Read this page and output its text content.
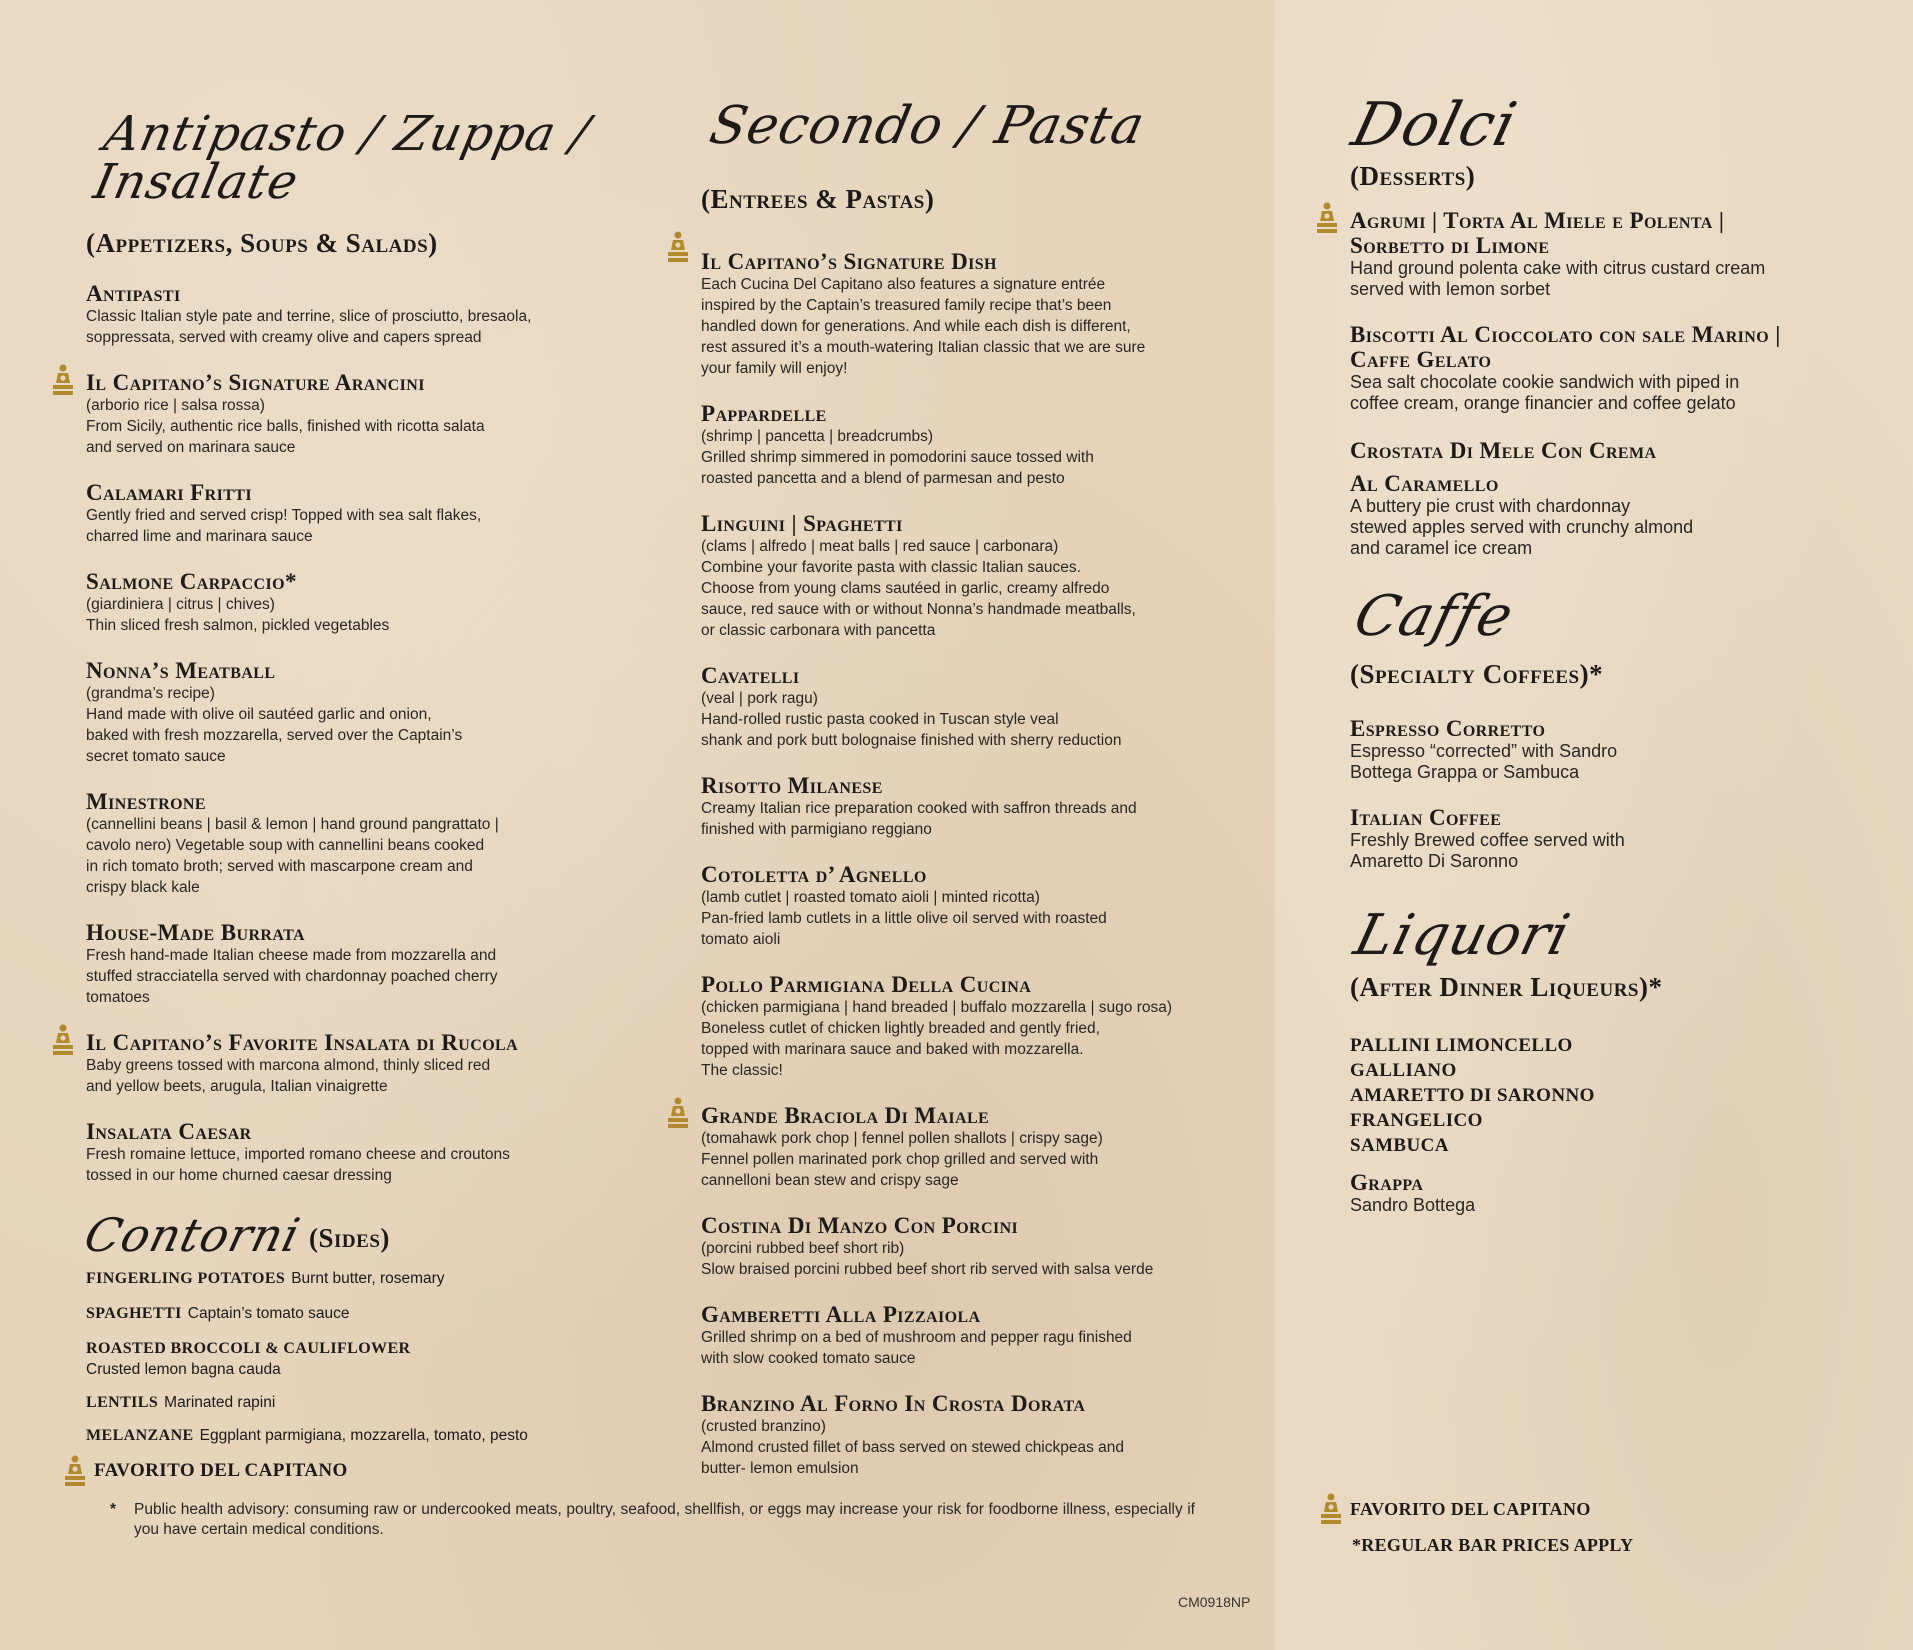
Antipasto / Zuppa / Insalate
(Appetizers, Soups & Salads)
Antipasti
Classic Italian style pate and terrine, slice of prosciutto, bresaola,
soppressata, served with creamy olive and capers spread
Il Capitano’s Signature Arancini
(arborio rice | salsa rossa)
From Sicily, authentic rice balls, finished with ricotta salata
and served on marinara sauce
Calamari Fritti
Gently fried and served crisp! Topped with sea salt flakes,
charred lime and marinara sauce
Salmone Carpaccio*
(giardiniera | citrus | chives)
Thin sliced fresh salmon, pickled vegetables
Nonna’s Meatball
(grandma’s recipe)
Hand made with olive oil sautéed garlic and onion,
baked with fresh mozzarella, served over the Captain’s
secret tomato sauce
Minestrone
(cannellini beans | basil & lemon | hand ground pangrattato |
cavolo nero) Vegetable soup with cannellini beans cooked
in rich tomato broth; served with mascarpone cream and
crispy black kale
House-Made Burrata
Fresh hand-made Italian cheese made from mozzarella and
stuffed stracciatella served with chardonnay poached cherry
tomatoes
Il Capitano’s Favorite Insalata di Rucola
Baby greens tossed with marcona almond, thinly sliced red
and yellow beets, arugula, Italian vinaigrette
Insalata Caesar
Fresh romaine lettuce, imported romano cheese and croutons
tossed in our home churned caesar dressing
Contorni (Sides)
FINGERLING POTATOES Burnt butter, rosemary
SPAGHETTI Captain’s tomato sauce
ROASTED BROCCOLI & CAULIFLOWER
Crusted lemon bagna cauda
LENTILS Marinated rapini
MELANZANE Eggplant parmigiana, mozzarella, tomato, pesto
Secondo / Pasta
(Entrees & Pastas)
Il Capitano’s Signature Dish
Each Cucina Del Capitano also features a signature entrée
inspired by the Captain’s treasured family recipe that’s been
handled down for generations. And while each dish is different,
rest assured it’s a mouth-watering Italian classic that we are sure
your family will enjoy!
Pappardelle
(shrimp | pancetta | breadcrumbs)
Grilled shrimp simmered in pomodorini sauce tossed with
roasted pancetta and a blend of parmesan and pesto
Linguini | Spaghetti
(clams | alfredo | meat balls | red sauce | carbonara)
Combine your favorite pasta with classic Italian sauces.
Choose from young clams sautéed in garlic, creamy alfredo
sauce, red sauce with or without Nonna’s handmade meatballs,
or classic carbonara with pancetta
Cavatelli
(veal | pork ragu)
Hand-rolled rustic pasta cooked in Tuscan style veal
shank and pork butt bolognaise finished with sherry reduction
Risotto Milanese
Creamy Italian rice preparation cooked with saffron threads and
finished with parmigiano reggiano
Cotoletta d’ Agnello
(lamb cutlet | roasted tomato aioli | minted ricotta)
Pan-fried lamb cutlets in a little olive oil served with roasted
tomato aioli
Pollo Parmigiana Della Cucina
(chicken parmigiana | hand breaded | buffalo mozzarella | sugo rosa)
Boneless cutlet of chicken lightly breaded and gently fried,
topped with marinara sauce and baked with mozzarella.
The classic!
Grande Braciola Di Maiale
(tomahawk pork chop | fennel pollen shallots | crispy sage)
Fennel pollen marinated pork chop grilled and served with
cannelloni bean stew and crispy sage
Costina Di Manzo Con Porcini
(porcini rubbed beef short rib)
Slow braised porcini rubbed beef short rib served with salsa verde
Gamberetti Alla Pizzaiola
Grilled shrimp on a bed of mushroom and pepper ragu finished
with slow cooked tomato sauce
Branzino Al Forno In Crosta Dorata
(crusted branzino)
Almond crusted fillet of bass served on stewed chickpeas and
butter- lemon emulsion
Dolci
(Desserts)
Agrumi | Torta Al Miele e Polenta |
Sorbetto di Limone
Hand ground polenta cake with citrus custard cream
served with lemon sorbet
Biscotti Al Cioccolato con sale Marino |
Caffe Gelato
Sea salt chocolate cookie sandwich with piped in
coffee cream, orange financier and coffee gelato
Crostata Di Mele Con Crema
Al Caramello
A buttery pie crust with chardonnay
stewed apples served with crunchy almond
and caramel ice cream
Caffe
(Specialty Coffees)*
Espresso Corretto
Espresso “corrected” with Sandro
Bottega Grappa or Sambuca
Italian Coffee
Freshly Brewed coffee served with
Amaretto Di Saronno
Liquori
(After Dinner Liqueurs)*
PALLINI LIMONCELLO
GALLIANO
AMARETTO DI SARONNO
FRANGELICO
SAMBUCA
Grappa
Sandro Bottega
FAVORITO DEL CAPITANO
* Public health advisory: consuming raw or undercooked meats, poultry, seafood, shellfish, or eggs may increase your risk for foodborne illness, especially if you have certain medical conditions.
CM0918NP
FAVORITO DEL CAPITANO
*REGULAR BAR PRICES APPLY
